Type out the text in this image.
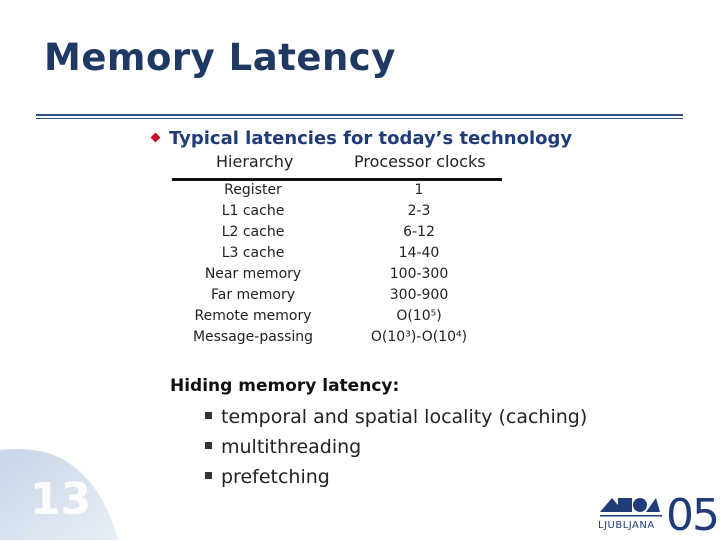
Memory Latency
Typical latencies for today’s technology
Hierarchy	Processor clocks
Register	1
L1 cache	2-3
L2 cache	6-12
L3 cache	14-40
Near memory	100-300
Far memory	300-900
Remote memory	O(10⁵)
Message-passing	O(10³)-O(10⁴)
Hiding memory latency:
temporal and spatial locality (caching)
multithreading
prefetching
13	05
LJUBLJANA
